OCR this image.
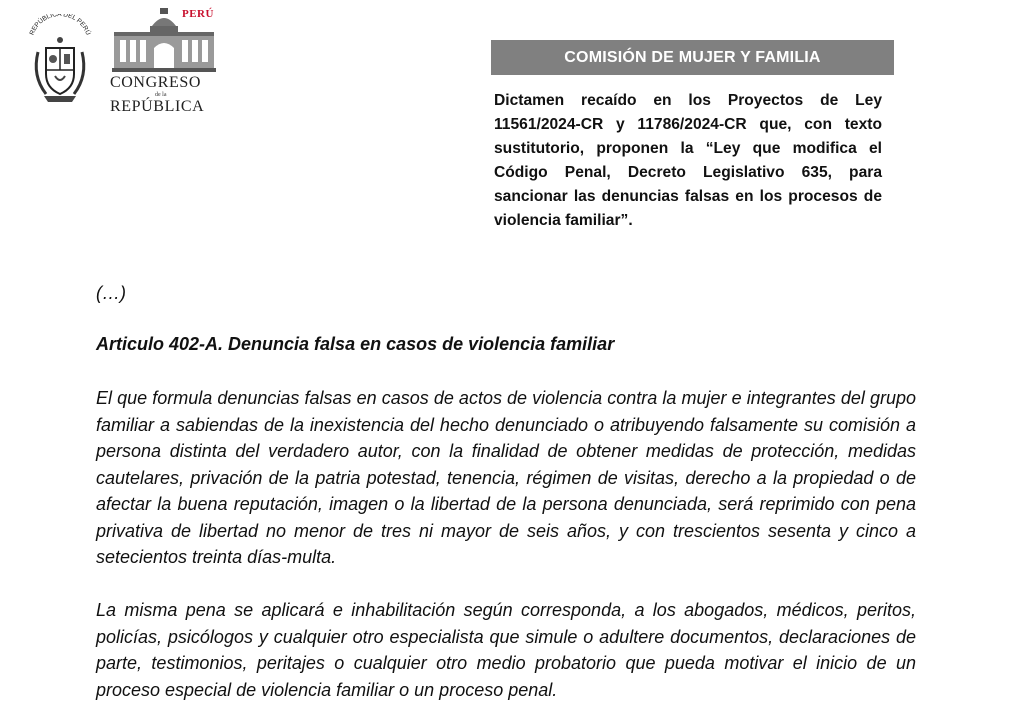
REPÚBLICA DEL PERÚ
PERÚ
CONGRESO
de la
REPÚBLICA
COMISIÓN DE MUJER Y FAMILIA
Dictamen recaído en los Proyectos de Ley 11561/2024-CR y 11786/2024-CR que, con texto sustitutorio, proponen la “Ley que modifica el Código Penal, Decreto Legislativo 635, para sancionar las denuncias falsas en los procesos de violencia familiar”.
(…)
Articulo 402-A. Denuncia falsa en casos de violencia familiar
El que formula denuncias falsas en casos de actos de violencia contra la mujer e integrantes del grupo familiar a sabiendas de la inexistencia del hecho denunciado o atribuyendo falsamente su comisión a persona distinta del verdadero autor, con la finalidad de obtener medidas de protección, medidas cautelares, privación de la patria potestad, tenencia, régimen de visitas, derecho a la propiedad o de afectar la buena reputación, imagen o la libertad de la persona denunciada, será reprimido con pena privativa de libertad no menor de tres ni mayor de seis años, y con trescientos sesenta y cinco a setecientos treinta días-multa.
La misma pena se aplicará e inhabilitación según corresponda, a los abogados, médicos, peritos, policías, psicólogos y cualquier otro especialista que simule o adultere documentos, declaraciones de parte, testimonios, peritajes o cualquier otro medio probatorio que pueda motivar el inicio de un proceso especial de violencia familiar o un proceso penal.
